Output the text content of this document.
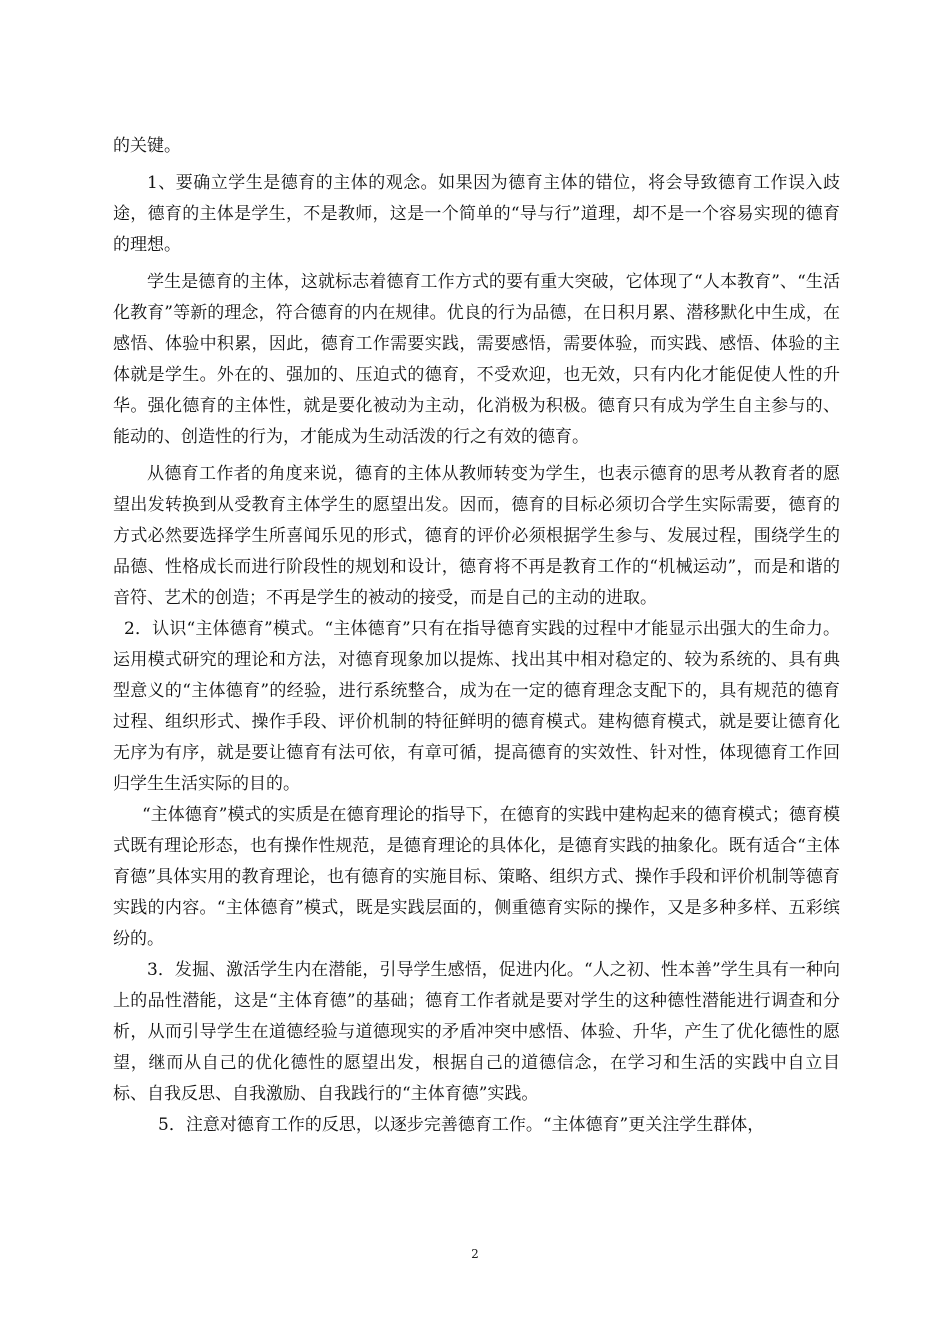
的关键。

1、要确立学生是德育的主体的观念。如果因为德育主体的错位，将会导致德育工作误入歧途，德育的主体是学生，不是教师，这是一个简单的“导与行”道理，却不是一个容易实现的德育的理想。

学生是德育的主体，这就标志着德育工作方式的要有重大突破，它体现了“人本教育”、“生活化教育”等新的理念，符合德育的内在规律。优良的行为品德，在日积月累、潜移默化中生成，在感悟、体验中积累，因此，德育工作需要实践，需要感悟，需要体验，而实践、感悟、体验的主体就是学生。外在的、强加的、压迫式的德育，不受欢迎，也无效，只有内化才能促使人性的升华。强化德育的主体性，就是要化被动为主动，化消极为积极。德育只有成为学生自主参与的、能动的、创造性的行为，才能成为生动活泼的行之有效的德育。

从德育工作者的角度来说，德育的主体从教师转变为学生，也表示德育的思考从教育者的愿望出发转换到从受教育主体学生的愿望出发。因而，德育的目标必须切合学生实际需要，德育的方式必然要选择学生所喜闻乐见的形式，德育的评价必须根据学生参与、发展过程，围绕学生的品德、性格成长而进行阶段性的规划和设计，德育将不再是教育工作的“机械运动”，而是和谐的音符、艺术的创造；不再是学生的被动的接受，而是自己的主动的进取。

2．认识“主体德育”模式。“主体德育”只有在指导德育实践的过程中才能显示出强大的生命力。运用模式研究的理论和方法，对德育现象加以提炼、找出其中相对稳定的、较为系统的、具有典型意义的“主体德育”的经验，进行系统整合，成为在一定的德育理念支配下的，具有规范的德育过程、组织形式、操作手段、评价机制的特征鲜明的德育模式。建构德育模式，就是要让德育化无序为有序，就是要让德育有法可依，有章可循，提高德育的实效性、针对性，体现德育工作回归学生生活实际的目的。

“主体德育”模式的实质是在德育理论的指导下，在德育的实践中建构起来的德育模式；德育模式既有理论形态，也有操作性规范，是德育理论的具体化，是德育实践的抽象化。既有适合“主体育德”具体实用的教育理论，也有德育的实施目标、策略、组织方式、操作手段和评价机制等德育实践的内容。“主体德育”模式，既是实践层面的，侧重德育实际的操作，又是多种多样、五彩缤纷的。

3．发掘、激活学生内在潜能，引导学生感悟，促进内化。“人之初、性本善”学生具有一种向上的品性潜能，这是“主体育德”的基础；德育工作者就是要对学生的这种德性潜能进行调查和分析，从而引导学生在道德经验与道德现实的矛盾冲突中感悟、体验、升华，产生了优化德性的愿望，继而从自己的优化德性的愿望出发，根据自己的道德信念，在学习和生活的实践中自立目标、自我反思、自我激励、自我践行的“主体育德”实践。

5．注意对德育工作的反思，以逐步完善德育工作。“主体德育”更关注学生群体，

2
